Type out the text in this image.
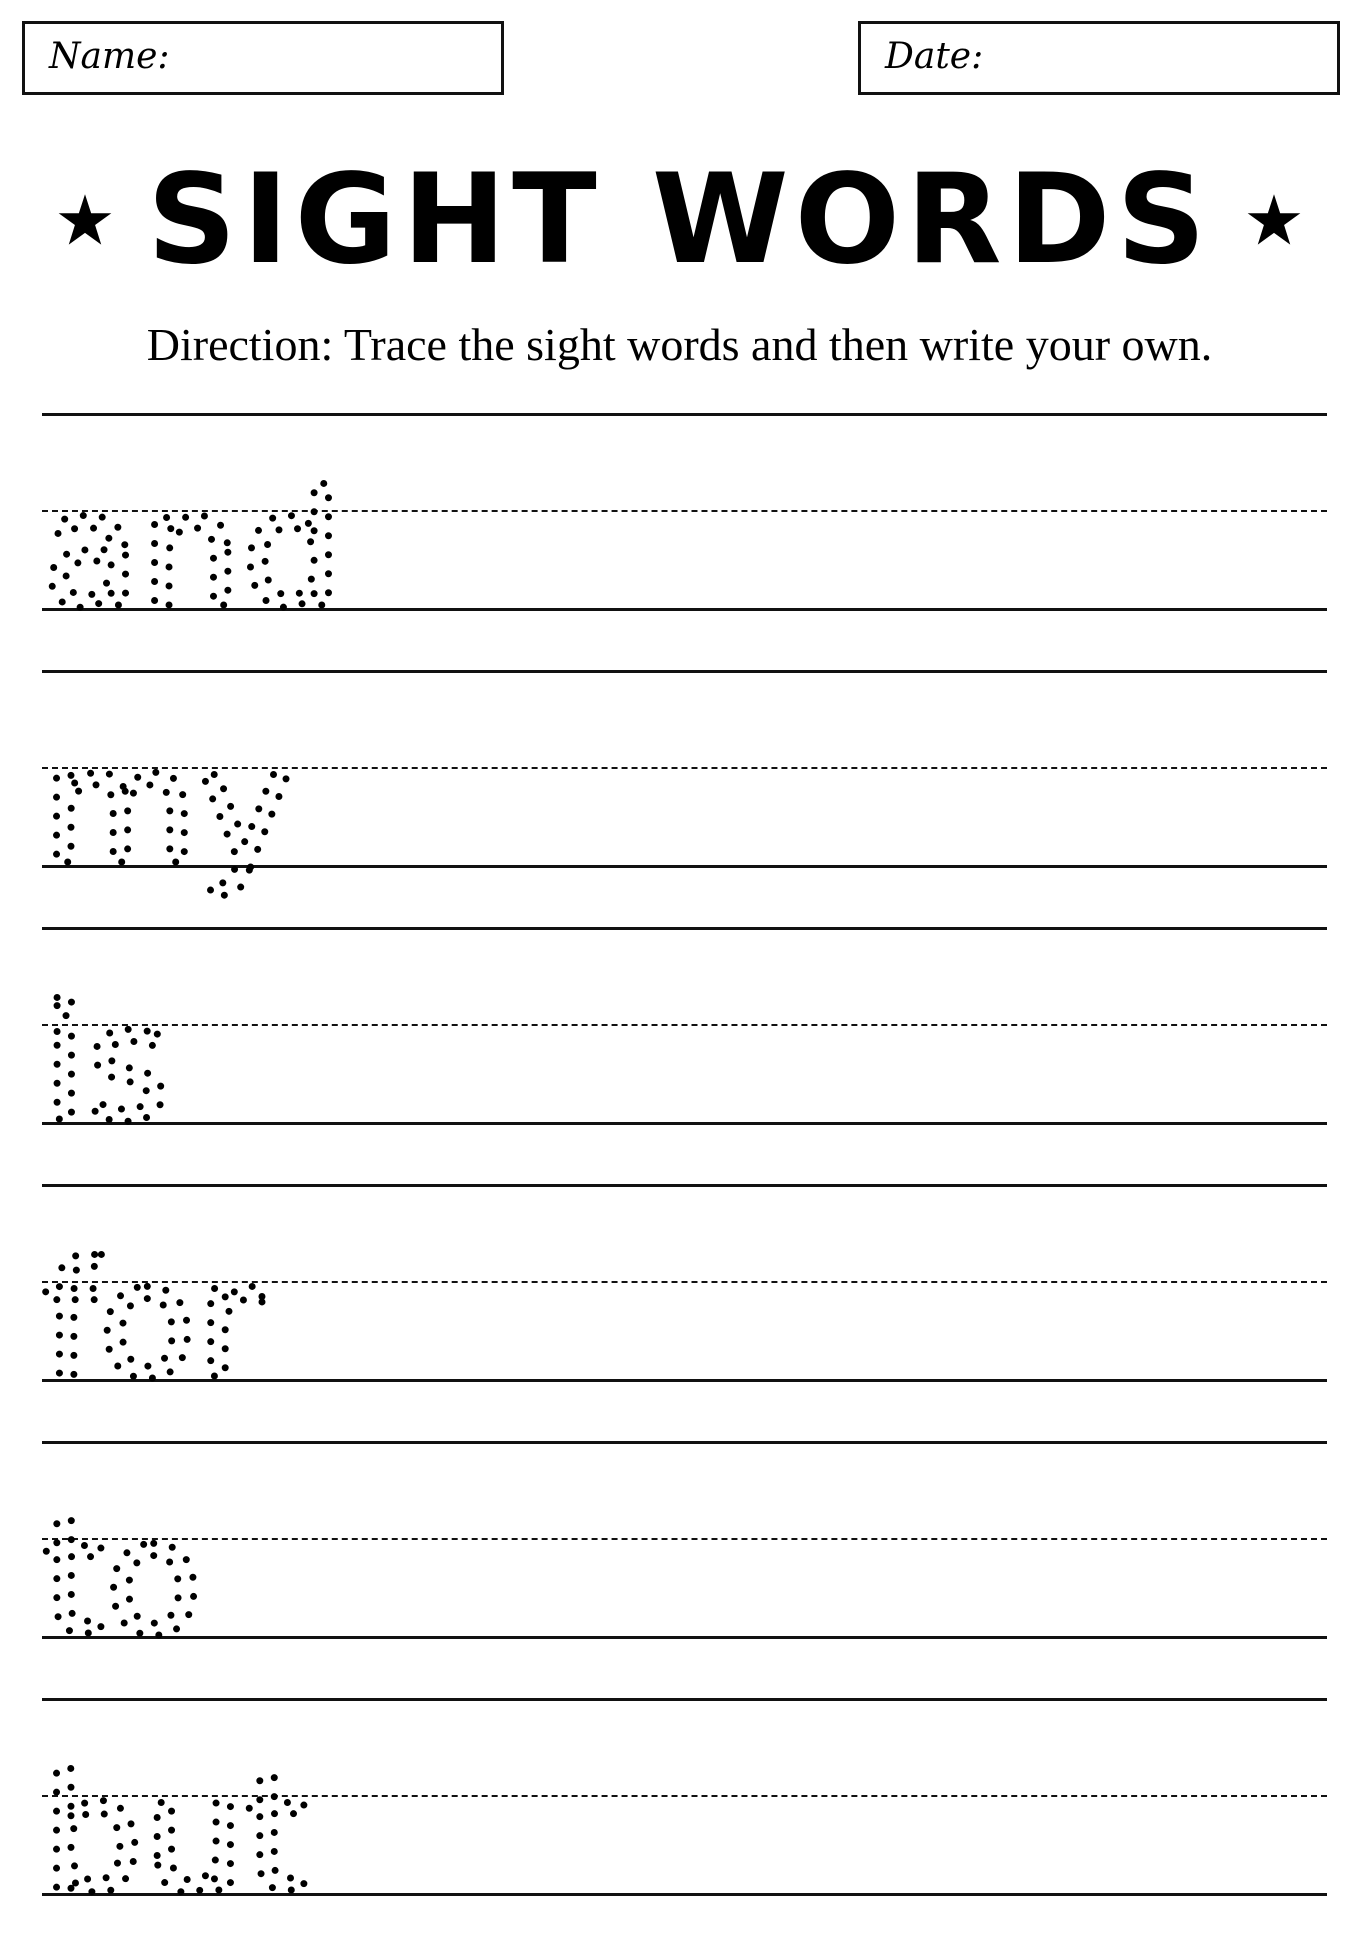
Name:	Date:
SIGHT WORDS
Direction: Trace the sight words and then write your own.
and
my
is
for
to
but
